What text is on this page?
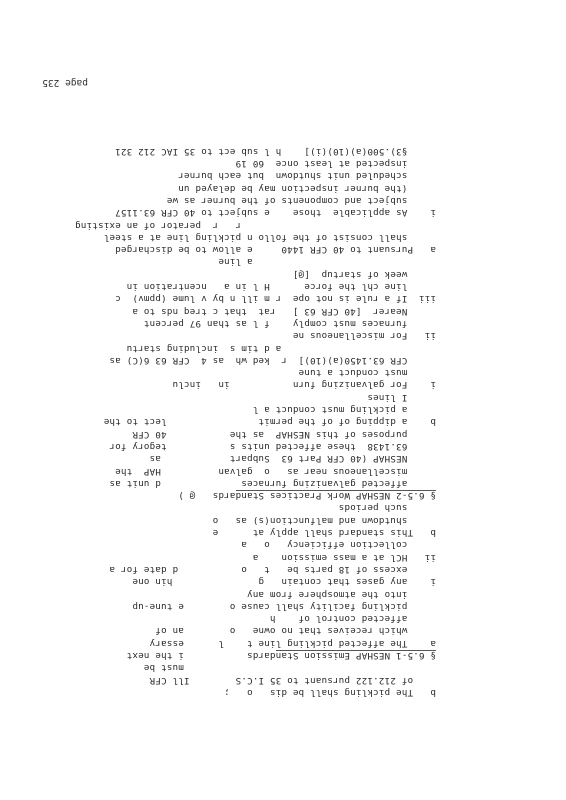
page 235
b   The pickling shall be dis   o   ;
of 212.122 pursuant to 35 I.C.S        Ill CFR
must be
§ 6.5-1 NESHAP Emission Standards           i the next
a    The affected pickling line t    l      essary
which receives that no owne   o        an of
affected control of    h
pickling facility shall cause o        e tune-up
into the atmosphere from any
i    any gases that contain   g               hin one
excess of 18 parts be   t   o           d date for a
ii   HCl at a mass emission    a
collection efficiency   o   a
b   This standard shall apply at      e
shutdown and malfunction(s) as   o
such periods
§ 6.5-2 NESHAP Work Practices Standards   @ )
affected galvanizing furnaces              d unit as
miscellaneous near as   o  galvan          HAP  the
NESHAP (40 CFR Part 63  Subpart            as
63.1438  these affected units s           tegory for
purposes of this NESHAP  as the           40 CFR
b    a dipping of of the permit                lect to the
a pickling must conduct a l
I lines
i    For galvanizing furn           in   inclu
must conduct a tune
CFR 63.1450(a)(10)]  r  ked wh  as 4  CFR 63 6(C) as
a d tim s  including startu
ii   For miscellaneous ne
furnaces must comply    f l as than 97 percent
Nearer  [40 CFR 63 ]   rat  that c treq nds to a
iii  If a rule is not ope  r m ill n by v lume (ppmv)  c
line chl the force      H l in a   ncentration in
week of startup  [@]
a line
a   Pursuant to 40 CFR 1440     e allow to be discharged
shall consist of the follo n pickling line at a steel
r   r  perator of an existing
i    As applicable  those    e subject to 40 CFR 63.1157
subject and components of the burner as we
(the burner inspection may be delayed un
scheduled unit shutdown  but each burner
inspected at least once  60 19
§3).500(a)(10)(i)]    h l sub ect to 35 IAC 212 321
